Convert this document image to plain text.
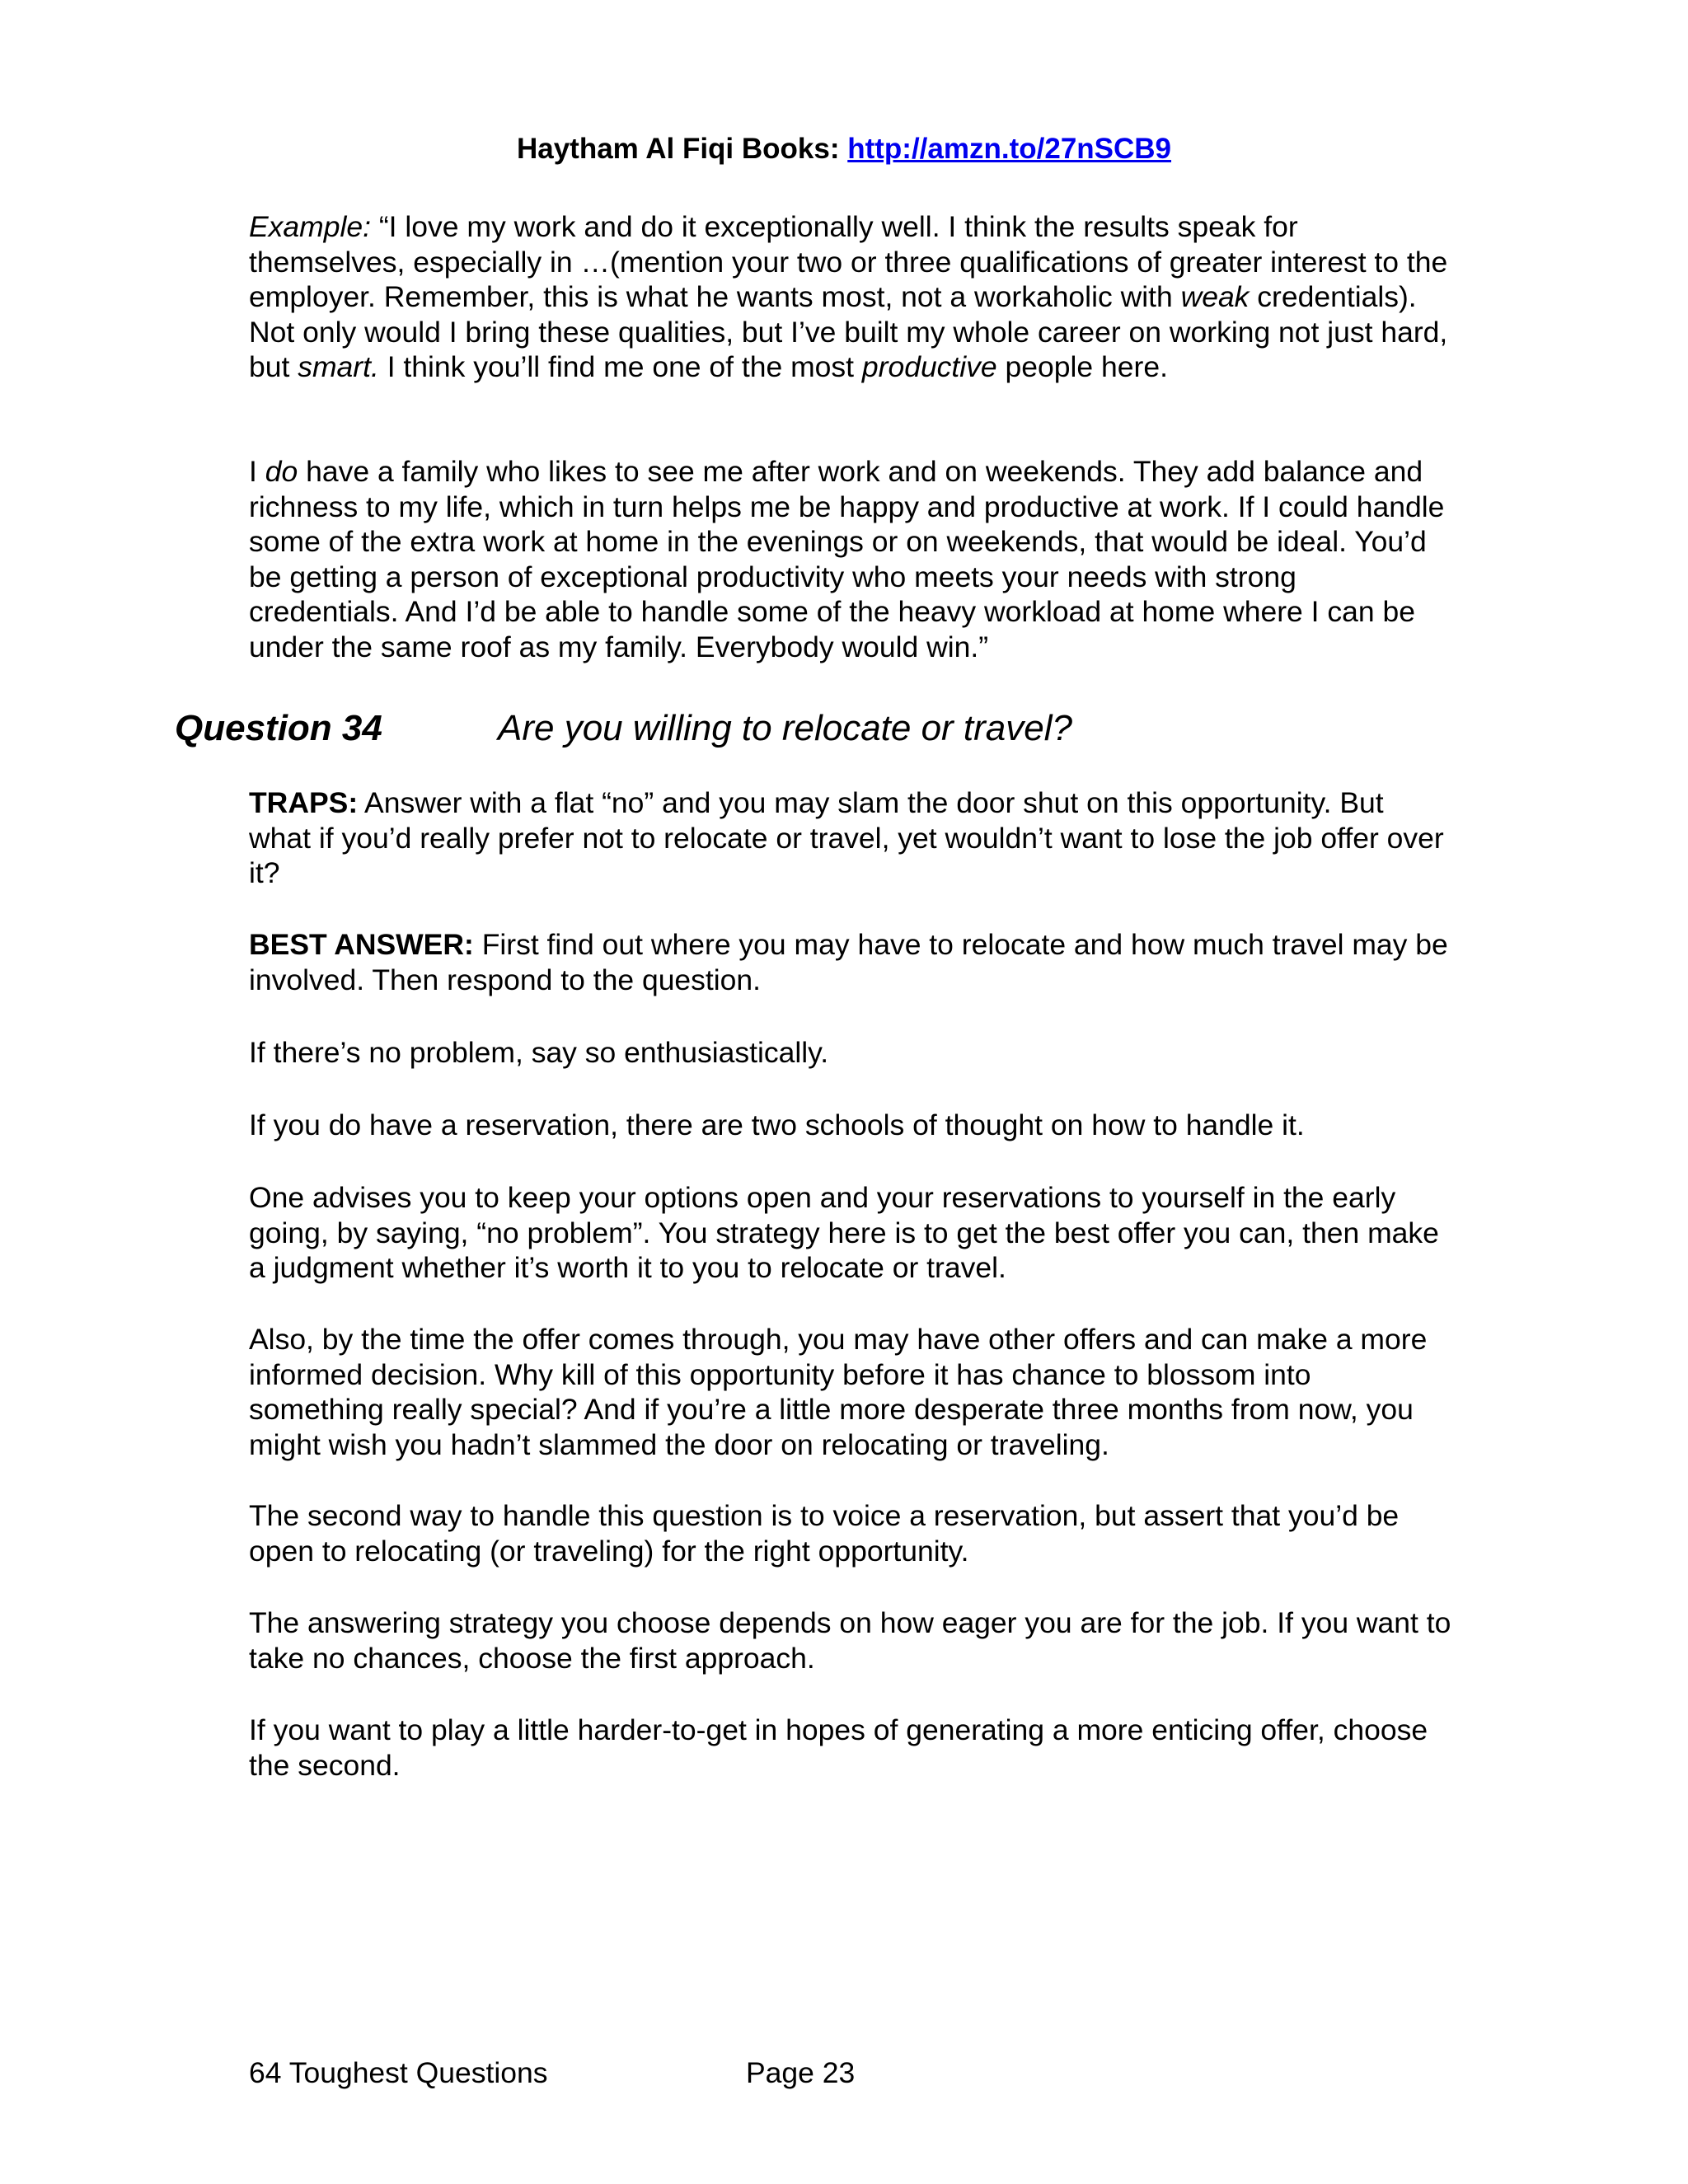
Haytham Al Fiqi Books: http://amzn.to/27nSCB9

Example: “I love my work and do it exceptionally well. I think the results speak for themselves, especially in …(mention your two or three qualifications of greater interest to the employer. Remember, this is what he wants most, not a workaholic with weak credentials). Not only would I bring these qualities, but I’ve built my whole career on working not just hard, but smart. I think you’ll find me one of the most productive people here.

I do have a family who likes to see me after work and on weekends. They add balance and richness to my life, which in turn helps me be happy and productive at work. If I could handle some of the extra work at home in the evenings or on weekends, that would be ideal. You’d be getting a person of exceptional productivity who meets your needs with strong credentials. And I’d be able to handle some of the heavy workload at home where I can be under the same roof as my family. Everybody would win.”

Question 34	Are you willing to relocate or travel?

TRAPS: Answer with a flat “no” and you may slam the door shut on this opportunity. But what if you’d really prefer not to relocate or travel, yet wouldn’t want to lose the job offer over it?

BEST ANSWER: First find out where you may have to relocate and how much travel may be involved. Then respond to the question.

If there’s no problem, say so enthusiastically.

If you do have a reservation, there are two schools of thought on how to handle it.

One advises you to keep your options open and your reservations to yourself in the early going, by saying, “no problem”. You strategy here is to get the best offer you can, then make a judgment whether it’s worth it to you to relocate or travel.

Also, by the time the offer comes through, you may have other offers and can make a more informed decision. Why kill of this opportunity before it has chance to blossom into something really special? And if you’re a little more desperate three months from now, you might wish you hadn’t slammed the door on relocating or traveling.

The second way to handle this question is to voice a reservation, but assert that you’d be open to relocating (or traveling) for the right opportunity.

The answering strategy you choose depends on how eager you are for the job. If you want to take no chances, choose the first approach.

If you want to play a little harder-to-get in hopes of generating a more enticing offer, choose the second.

64 Toughest Questions	Page 23
